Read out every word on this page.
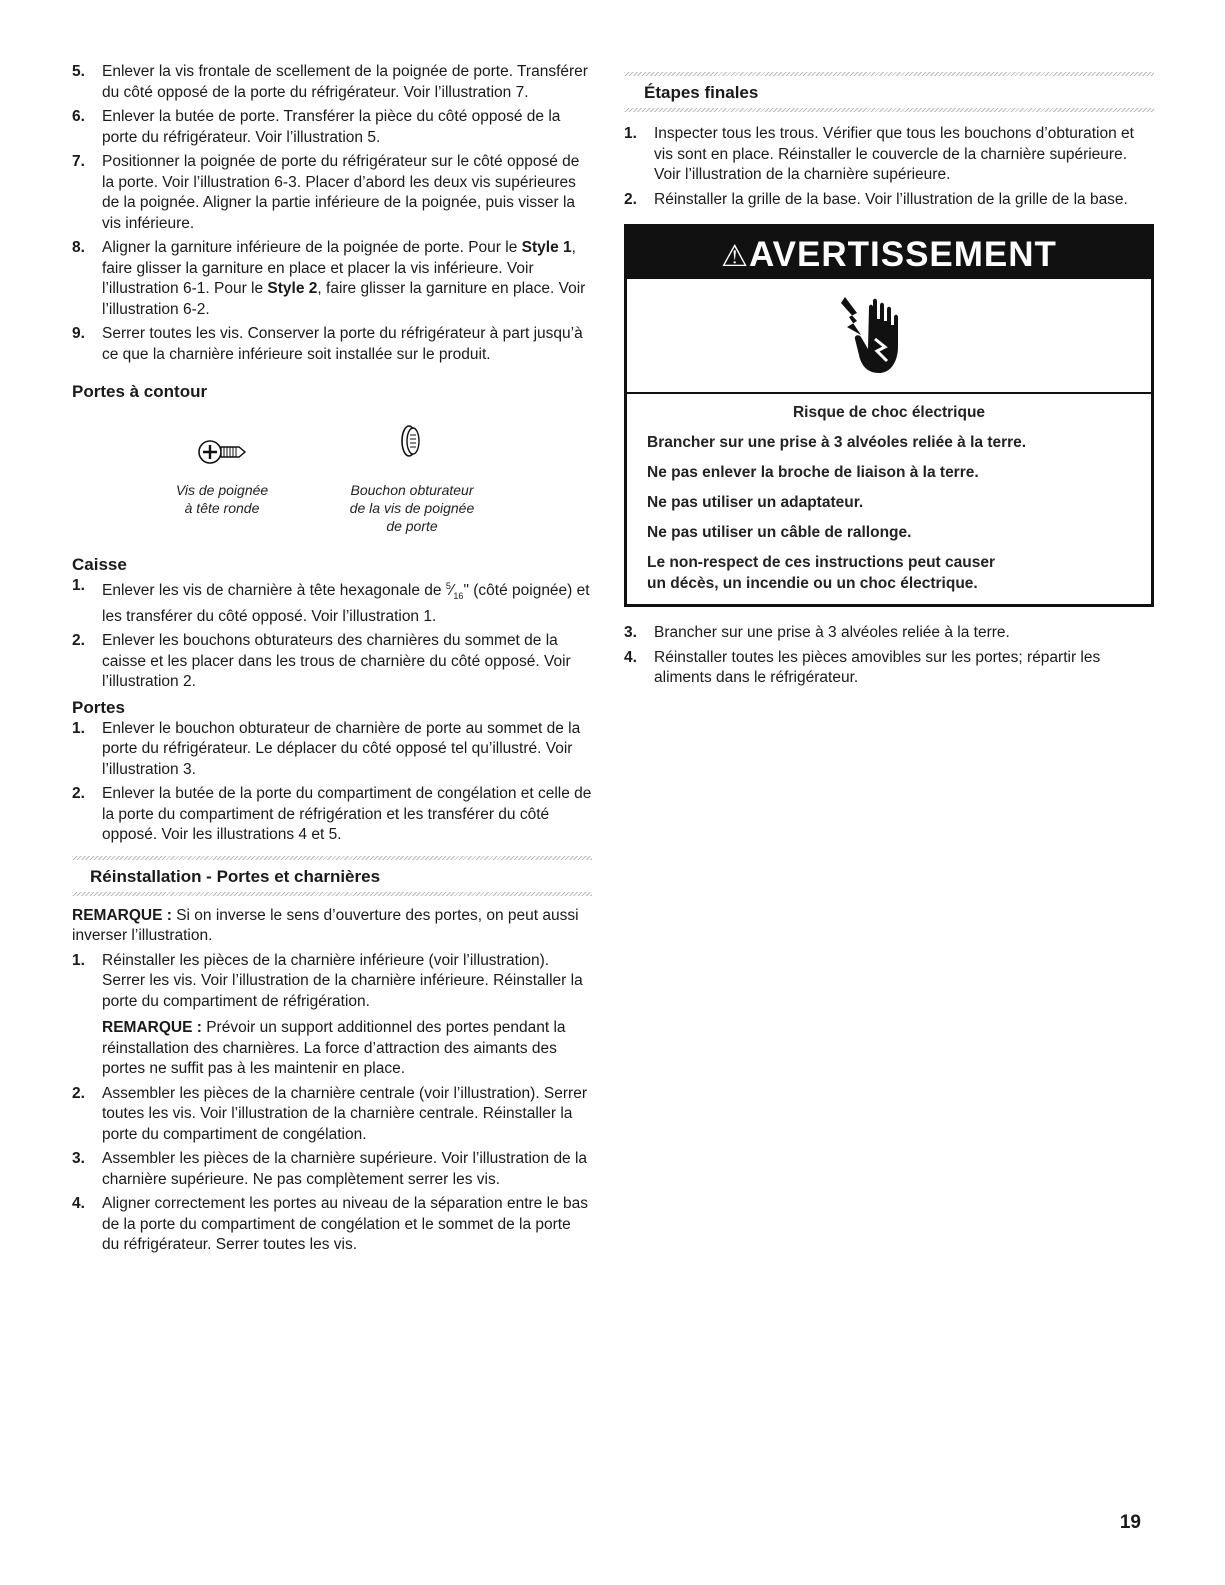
5. Enlever la vis frontale de scellement de la poignée de porte. Transférer du côté opposé de la porte du réfrigérateur. Voir l’illustration 7.
6. Enlever la butée de porte. Transférer la pièce du côté opposé de la porte du réfrigérateur. Voir l’illustration 5.
7. Positionner la poignée de porte du réfrigérateur sur le côté opposé de la porte. Voir l’illustration 6-3. Placer d’abord les deux vis supérieures de la poignée. Aligner la partie inférieure de la poignée, puis visser la vis inférieure.
8. Aligner la garniture inférieure de la poignée de porte. Pour le Style 1, faire glisser la garniture en place et placer la vis inférieure. Voir l’illustration 6-1. Pour le Style 2, faire glisser la garniture en place. Voir l’illustration 6-2.
9. Serrer toutes les vis. Conserver la porte du réfrigérateur à part jusqu’à ce que la charnière inférieure soit installée sur le produit.
Portes à contour
Vis de poignée
à tête ronde
Bouchon obturateur
de la vis de poignée
de porte
Caisse
1. Enlever les vis de charnière à tête hexagonale de $^5⁄_{16}$" (côté poignée) et les transférer du côté opposé. Voir l’illustration 1.
2. Enlever les bouchons obturateurs des charnières du sommet de la caisse et les placer dans les trous de charnière du côté opposé. Voir l’illustration 2.
Portes
1. Enlever le bouchon obturateur de charnière de porte au sommet de la porte du réfrigérateur. Le déplacer du côté opposé tel qu’illustré. Voir l’illustration 3.
2. Enlever la butée de la porte du compartiment de congélation et celle de la porte du compartiment de réfrigération et les transférer du côté opposé. Voir les illustrations 4 et 5.
Réinstallation - Portes et charnières
REMARQUE : Si on inverse le sens d’ouverture des portes, on peut aussi inverser l’illustration.
1. Réinstaller les pièces de la charnière inférieure (voir l’illustration). Serrer les vis. Voir l’illustration de la charnière inférieure. Réinstaller la porte du compartiment de réfrigération.
REMARQUE : Prévoir un support additionnel des portes pendant la réinstallation des charnières. La force d’attraction des aimants des portes ne suffit pas à les maintenir en place.
2. Assembler les pièces de la charnière centrale (voir l’illustration). Serrer toutes les vis. Voir l’illustration de la charnière centrale. Réinstaller la porte du compartiment de congélation.
3. Assembler les pièces de la charnière supérieure. Voir l’illustration de la charnière supérieure. Ne pas complètement serrer les vis.
4. Aligner correctement les portes au niveau de la séparation entre le bas de la porte du compartiment de congélation et le sommet de la porte du réfrigérateur. Serrer toutes les vis.
Étapes finales
1. Inspecter tous les trous. Vérifier que tous les bouchons d’obturation et vis sont en place. Réinstaller le couvercle de la charnière supérieure. Voir l’illustration de la charnière supérieure.
2. Réinstaller la grille de la base. Voir l’illustration de la grille de la base.
⚠AVERTISSEMENT

Risque de choc électrique

Brancher sur une prise à 3 alvéoles reliée à la terre.

Ne pas enlever la broche de liaison à la terre.

Ne pas utiliser un adaptateur.

Ne pas utiliser un câble de rallonge.

Le non-respect de ces instructions peut causer
un décès, un incendie ou un choc électrique.

3. Brancher sur une prise à 3 alvéoles reliée à la terre.
4. Réinstaller toutes les pièces amovibles sur les portes; répartir les aliments dans le réfrigérateur.
19
